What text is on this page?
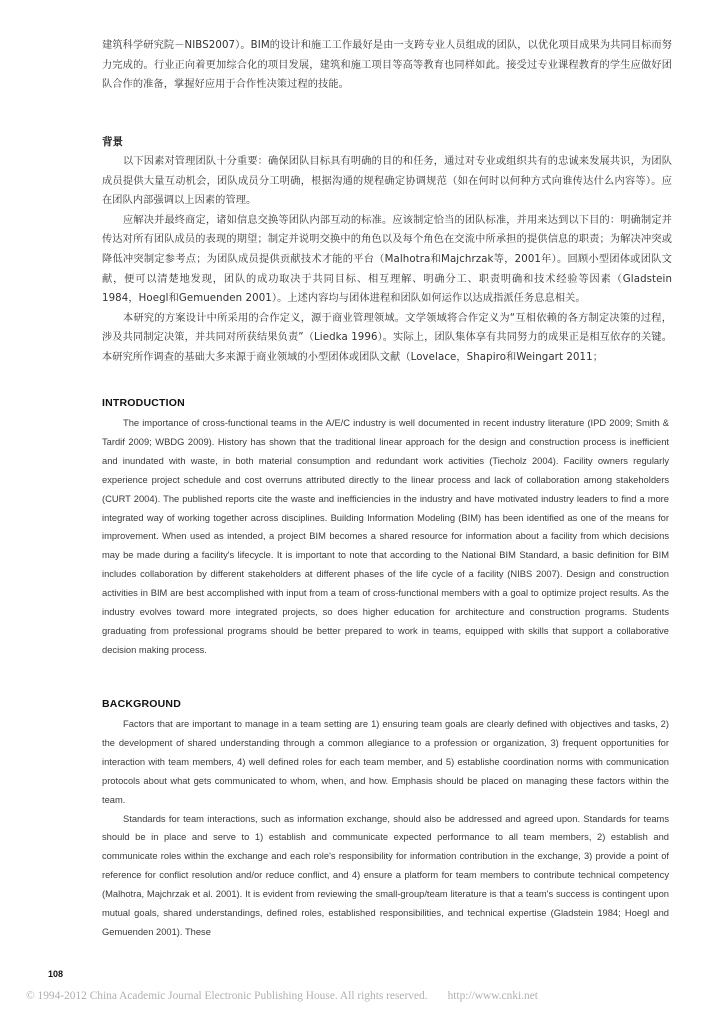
建筑科学研究院－NIBS2007）。BIM的设计和施工工作最好是由一支跨专业人员组成的团队，以优化项目成果为共同目标而努力完成的。行业正向着更加综合化的项目发展，建筑和施工项目等高等教育也同样如此。接受过专业课程教育的学生应做好团队合作的准备，掌握好应用于合作性决策过程的技能。

背景

以下因素对管理团队十分重要：确保团队目标具有明确的目的和任务，通过对专业或组织共有的忠诚来发展共识，为团队成员提供大量互动机会，团队成员分工明确，根据沟通的规程确定协调规范（如在何时以何种方式向谁传达什么内容等）。应在团队内部强调以上因素的管理。

应解决并最终商定，诸如信息交换等团队内部互动的标准。应该制定恰当的团队标准，并用来达到以下目的：明确制定并传达对所有团队成员的表现的期望；制定并说明交换中的角色以及每个角色在交流中所承担的提供信息的职责；为解决冲突或降低冲突制定参考点；为团队成员提供贡献技术才能的平台（Malhotra和Majchrzak等，2001年）。回顾小型团体或团队文献，便可以清楚地发现，团队的成功取决于共同目标、相互理解、明确分工、职责明确和技术经验等因素（Gladstein 1984，Hoegl和Gemuenden 2001）。上述内容均与团体进程和团队如何运作以达成指派任务息息相关。

本研究的方案设计中所采用的合作定义，源于商业管理领域。文学领域将合作定义为“互相依赖的各方制定决策的过程，涉及共同制定决策，并共同对所获结果负责”（Liedka 1996）。实际上，团队集体享有共同努力的成果正是相互依存的关键。本研究所作调查的基础大多来源于商业领域的小型团体或团队文献（Lovelace，Shapiro和Weingart 2011；

INTRODUCTION

The importance of cross-functional teams in the A/E/C industry is well documented in recent industry literature (IPD 2009; Smith & Tardif 2009; WBDG 2009). History has shown that the traditional linear approach for the design and construction process is inefficient and inundated with waste, in both material consumption and redundant work activities (Tiecholz 2004). Facility owners regularly experience project schedule and cost overruns attributed directly to the linear process and lack of collaboration among stakeholders (CURT 2004). The published reports cite the waste and inefficiencies in the industry and have motivated industry leaders to find a more integrated way of working together across disciplines. Building Information Modeling (BIM) has been identified as one of the means for improvement. When used as intended, a project BIM becomes a shared resource for information about a facility from which decisions may be made during a facility's lifecycle. It is important to note that according to the National BIM Standard, a basic definition for BIM includes collaboration by different stakeholders at different phases of the life cycle of a facility (NIBS 2007). Design and construction activities in BIM are best accomplished with input from a team of cross-functional members with a goal to optimize project results. As the industry evolves toward more integrated projects, so does higher education for architecture and construction programs. Students graduating from professional programs should be better prepared to work in teams, equipped with skills that support a collaborative decision making process.

BACKGROUND

Factors that are important to manage in a team setting are 1) ensuring team goals are clearly defined with objectives and tasks, 2) the development of shared understanding through a common allegiance to a profession or organization, 3) frequent opportunities for interaction with team members, 4) well defined roles for each team member, and 5) establishe coordination norms with communication protocols about what gets communicated to whom, when, and how. Emphasis should be placed on managing these factors within the team.

Standards for team interactions, such as information exchange, should also be addressed and agreed upon. Standards for teams should be in place and serve to 1) establish and communicate expected performance to all team members, 2) establish and communicate roles within the exchange and each role's responsibility for information contribution in the exchange, 3) provide a point of reference for conflict resolution and/or reduce conflict, and 4) ensure a platform for team members to contribute technical competency (Malhotra, Majchrzak et al. 2001). It is evident from reviewing the small-group/team literature is that a team's success is contingent upon mutual goals, shared understandings, defined roles, established responsibilities, and technical expertise (Gladstein 1984; Hoegl and Gemuenden 2001). These

108
© 1994-2012 China Academic Journal Electronic Publishing House. All rights reserved. http://www.cnki.net
